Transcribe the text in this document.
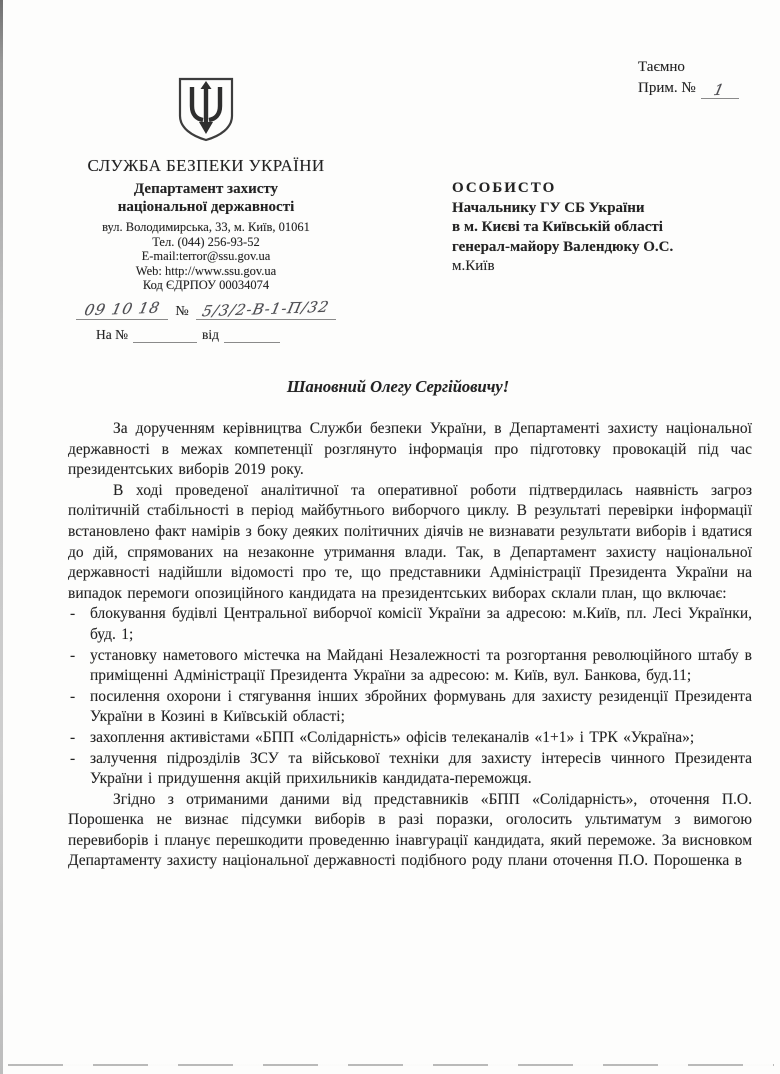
Таємно
Прим. №	1
СЛУЖБА БЕЗПЕКИ УКРАЇНИ
Департамент захисту
національної державності
вул. Володимирська, 33, м. Київ, 01061
Тел. (044) 256-93-52
E-mail:terror@ssu.gov.ua
Web: http://www.ssu.gov.ua
Код ЄДРПОУ 00034074
09 10 18 № 5/3/2-В-1-П/32
На №	від
ОСОБИСТО
Начальнику ГУ СБ України
в м. Києві та Київській області
генерал-майору Валендюку О.С.
м.Київ
Шановний Олегу Сергійовичу!

За дорученням керівництва Служби безпеки України, в Департаменті захисту національної державності в межах компетенції розглянуто інформація про підготовку провокацій під час президентських виборів 2019 року.

В ході проведеної аналітичної та оперативної роботи підтвердилась наявність загроз політичній стабільності в період майбутнього виборчого циклу. В результаті перевірки інформації встановлено факт намірів з боку деяких політичних діячів не визнавати результати виборів і вдатися до дій, спрямованих на незаконне утримання влади. Так, в Департамент захисту національної державності надійшли відомості про те, що представники Адміністрації Президента України на випадок перемоги опозиційного кандидата на президентських виборах склали план, що включає:

- блокування будівлі Центральної виборчої комісії України за адресою: м.Київ, пл. Лесі Українки, буд. 1;
- установку наметового містечка на Майдані Незалежності та розгортання революційного штабу в приміщенні Адміністрації Президента України за адресою: м. Київ, вул. Банкова, буд.11;
- посилення охорони і стягування інших збройних формувань для захисту резиденції Президента України в Козині в Київській області;
- захоплення активістами «БПП «Солідарність» офісів телеканалів «1+1» і ТРК «Україна»;
- залучення підрозділів ЗСУ та військової техніки для захисту інтересів чинного Президента України і придушення акцій прихильників кандидата-переможця.

Згідно з отриманими даними від представників «БПП «Солідарність», оточення П.О. Порошенка не визнає підсумки виборів в разі поразки, оголосить ультиматум з вимогою перевиборів і планує перешкодити проведенню інавгурації кандидата, який переможе. За висновком Департаменту захисту національної державності подібного роду плани оточення П.О. Порошенка в
